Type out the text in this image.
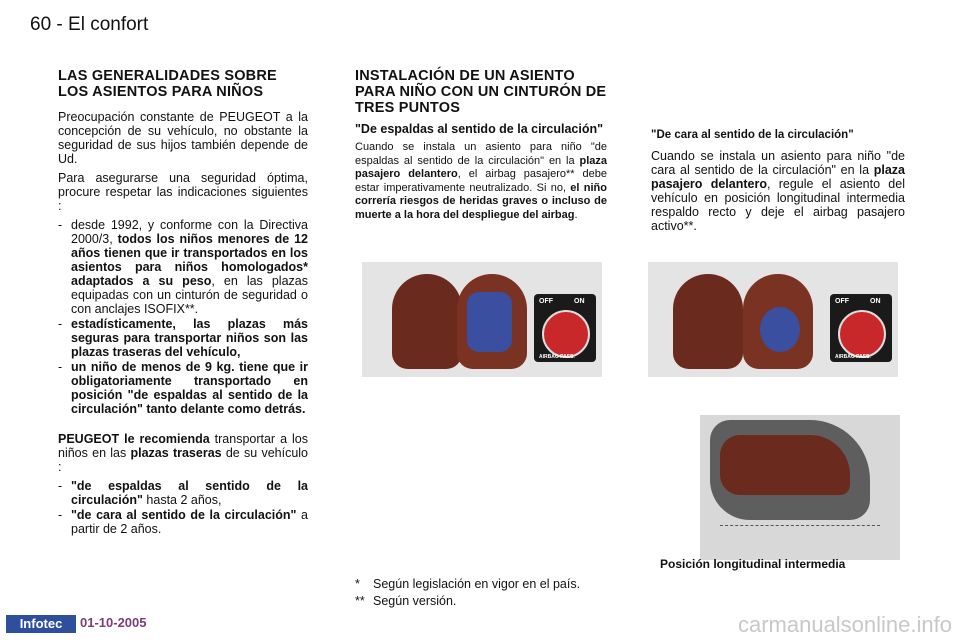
60 - El confort
LAS GENERALIDADES SOBRE LOS ASIENTOS PARA NIÑOS

Preocupación constante de PEUGEOT a la concepción de su vehículo, no obstante la seguridad de sus hijos también depende de Ud.

Para asegurarse una seguridad óptima, procure respetar las indicaciones siguientes :

- desde 1992, y conforme con la Directiva 2000/3, todos los niños menores de 12 años tienen que ir transportados en los asientos para niños homologados* adaptados a su peso, en las plazas equipadas con un cinturón de seguridad o con anclajes ISOFIX**.
- estadísticamente, las plazas más seguras para transportar niños son las plazas traseras del vehículo,
- un niño de menos de 9 kg. tiene que ir obligatoriamente transportado en posición "de espaldas al sentido de la circulación" tanto delante como detrás.

PEUGEOT le recomienda transportar a los niños en las plazas traseras de su vehículo :

- "de espaldas al sentido de la circulación" hasta 2 años,
- "de cara al sentido de la circulación" a partir de 2 años.
INSTALACIÓN DE UN ASIENTO PARA NIÑO CON UN CINTURÓN DE TRES PUNTOS
"De espaldas al sentido de la circulación"

Cuando se instala un asiento para niño "de espaldas al sentido de la circulación" en la plaza pasajero delantero, el airbag pasajero** debe estar imperativamente neutralizado. Si no, el niño correría riesgos de heridas graves o incluso de muerte a la hora del despliegue del airbag.

OFF	ON
AIRBAG PASS.
* Según legislación en vigor en el país.
** Según versión.
"De cara al sentido de la circulación"

Cuando se instala un asiento para niño "de cara al sentido de la circulación" en la plaza pasajero delantero, regule el asiento del vehículo en posición longitudinal intermedia respaldo recto y deje el airbag pasajero activo**.

OFF	ON
AIRBAG PASS.
Posición longitudinal intermedia
Infotec	01-10-2005	carmanualsonline.info
